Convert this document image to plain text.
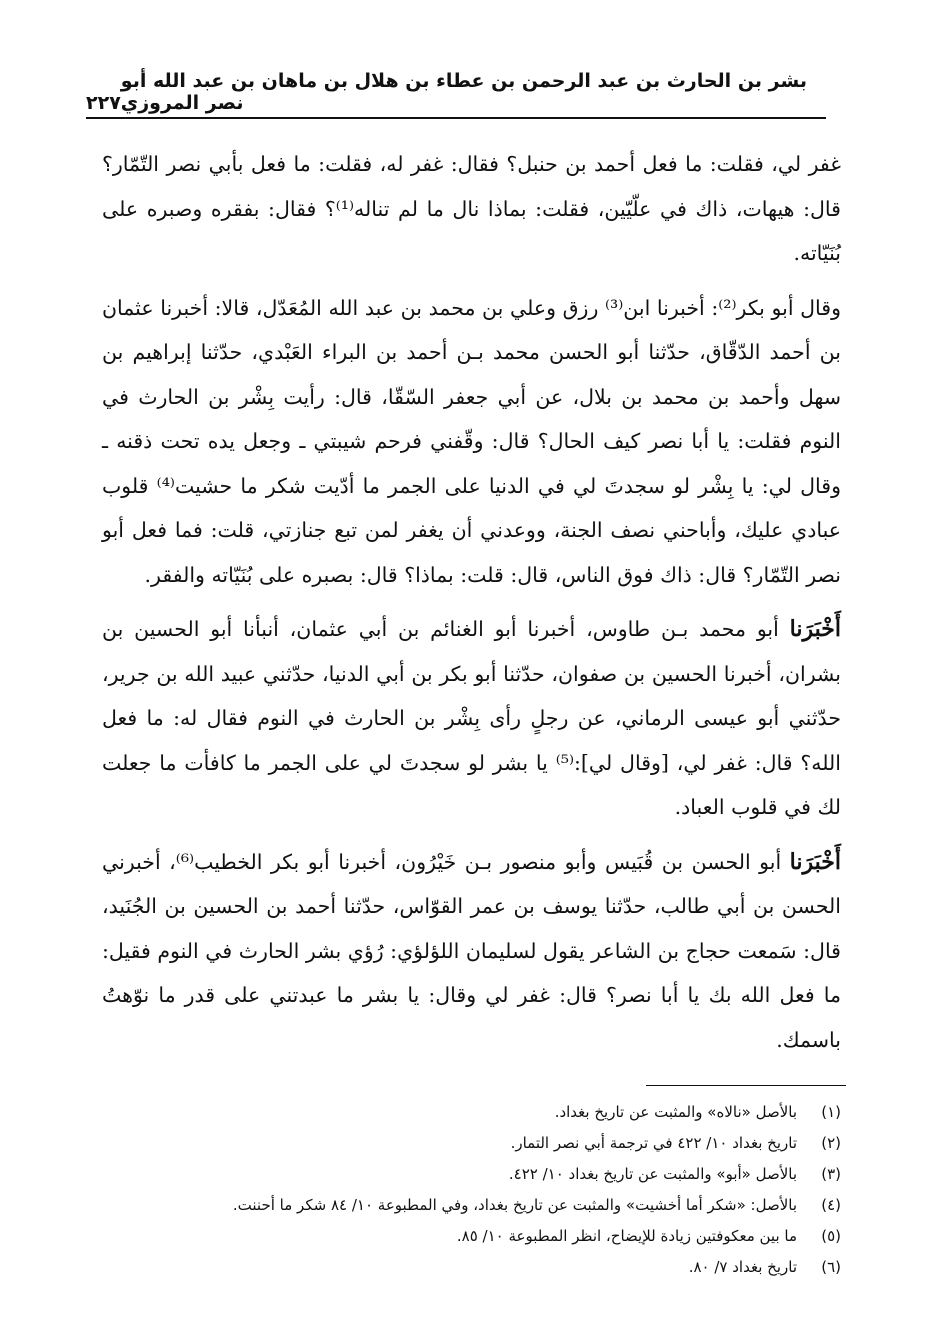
بشر بن الحارث بن عبد الرحمن بن عطاء بن هلال بن ماهان بن عبد الله أبو نصر المروزي
٢٢٧

غفر لي، فقلت: ما فعل أحمد بن حنبل؟ فقال: غفر له، فقلت: ما فعل بأبي نصر التّمّار؟ قال: هيهات، ذاك في علّيّين، فقلت: بماذا نال ما لم تناله⁽¹⁾؟ فقال: بفقره وصبره على بُنَيّاته.

وقال أبو بكر⁽²⁾: أخبرنا ابن⁽³⁾ رزق وعلي بن محمد بن عبد الله المُعَدّل، قالا: أخبرنا عثمان بن أحمد الدّقّاق، حدّثنا أبو الحسن محمد بـن أحمد بن البراء العَبْدي، حدّثنا إبراهيم بن سهل وأحمد بن محمد بن بلال، عن أبي جعفر السّقّا، قال: رأيت بِشْر بن الحارث في النوم فقلت: يا أبا نصر كيف الحال؟ قال: وقّفني فرحم شيبتي ـ وجعل يده تحت ذقنه ـ وقال لي: يا بِشْر لو سجدتَ لي في الدنيا على الجمر ما أدّيت شكر ما حشيت⁽⁴⁾ قلوب عبادي عليك، وأباحني نصف الجنة، ووعدني أن يغفر لمن تبع جنازتي، قلت: فما فعل أبو نصر التّمّار؟ قال: ذاك فوق الناس، قال: قلت: بماذا؟ قال: بصبره على بُنَيّاته والفقر.

أَخْبَرَنا أبو محمد بـن طاوس، أخبرنا أبو الغنائم بن أبي عثمان، أنبأنا أبو الحسين بن بشران، أخبرنا الحسين بن صفوان، حدّثنا أبو بكر بن أبي الدنيا، حدّثني عبيد الله بن جرير، حدّثني أبو عيسى الرماني، عن رجلٍ رأى بِشْر بن الحارث في النوم فقال له: ما فعل الله؟ قال: غفر لي، [وقال لي]:⁽⁵⁾ يا بشر لو سجدتَ لي على الجمر ما كافأت ما جعلت لك في قلوب العباد.

أَخْبَرَنا أبو الحسن بن قُبَيس وأبو منصور بـن خَيْرُون، أخبرنا أبو بكر الخطيب⁽⁶⁾، أخبرني الحسن بن أبي طالب، حدّثنا يوسف بن عمر القوّاس، حدّثنا أحمد بن الحسين بن الجُنَيد، قال: سَمعت حجاج بن الشاعر يقول لسليمان اللؤلؤي: رُؤي بشر الحارث في النوم فقيل: ما فعل الله بك يا أبا نصر؟ قال: غفر لي وقال: يا بشر ما عبدتني على قدر ما نوّهتُ باسمك.

(١)
بالأصل «نالاه» والمثبت عن تاريخ بغداد.
(٢)
تاريخ بغداد ١٠/ ٤٢٢ في ترجمة أبي نصر التمار.
(٣)
بالأصل «أبو» والمثبت عن تاريخ بغداد ١٠/ ٤٢٢.
(٤)
بالأصل: «شكر أما أخشيت» والمثبت عن تاريخ بغداد، وفي المطبوعة ١٠/ ٨٤ شكر ما أحننت.
(٥)
ما بين معكوفتين زيادة للإيضاح، انظر المطبوعة ١٠/ ٨٥.
(٦)
تاريخ بغداد ٧/ ٨٠.
